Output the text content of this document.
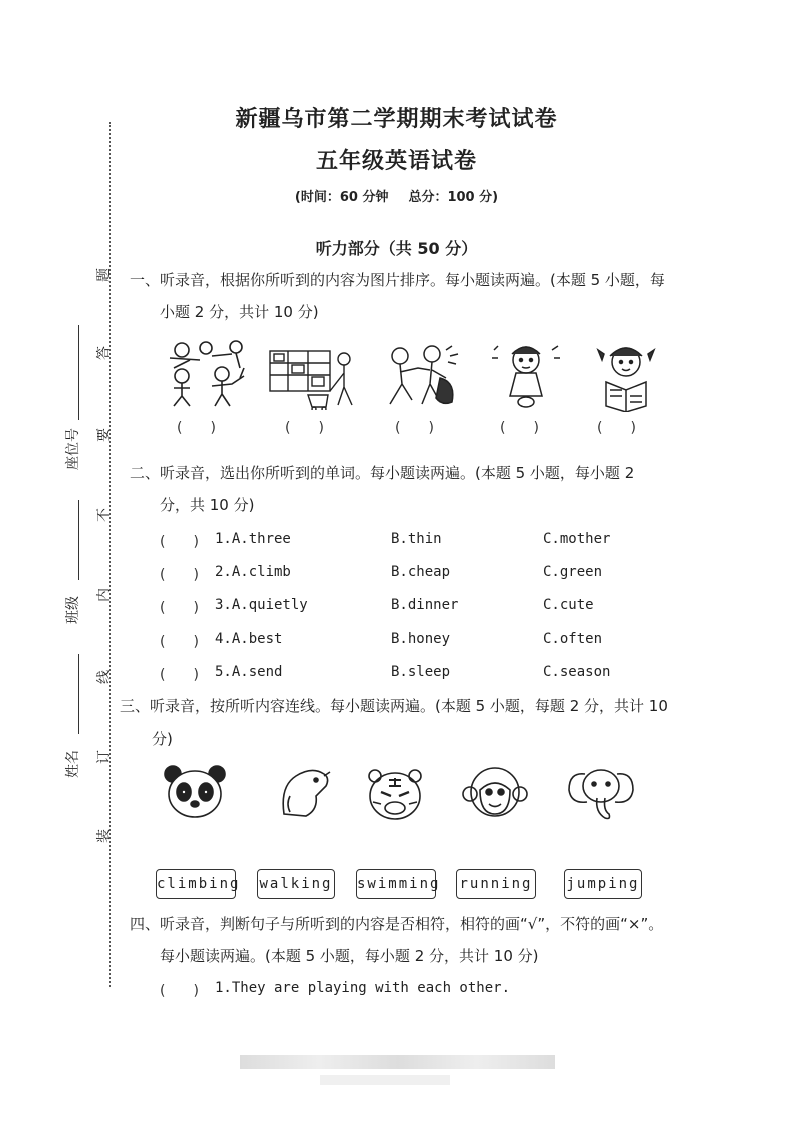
题
答
要
不
内
线
订
装
座位号
班级
姓名
新疆乌市第二学期期末考试试卷
五年级英语试卷
(时间：60 分钟 总分：100 分)
听力部分（共 50 分）
一、听录音，根据你所听到的内容为图片排序。每小题读两遍。(本题 5 小题，每
小题 2 分，共计 10 分)
(　　)	(　　)	(　　)	(　　)	(　　)
二、听录音，选出你所听到的单词。每小题读两遍。(本题 5 小题，每小题 2
分，共 10 分)
(　　) 1.A.three	B.thin	C.mother
(　　) 2.A.climb	B.cheap	C.green
(　　) 3.A.quietly	B.dinner	C.cute
(　　) 4.A.best	B.honey	C.often
(　　) 5.A.send	B.sleep	C.season
三、听录音，按所听内容连线。每小题读两遍。(本题 5 小题，每题 2 分，共计 10
分)
climbing walking swimming running jumping
四、听录音，判断句子与所听到的内容是否相符，相符的画“√”，不符的画“×”。
每小题读两遍。(本题 5 小题，每小题 2 分，共计 10 分)
(　　) 1.They are playing with each other.
